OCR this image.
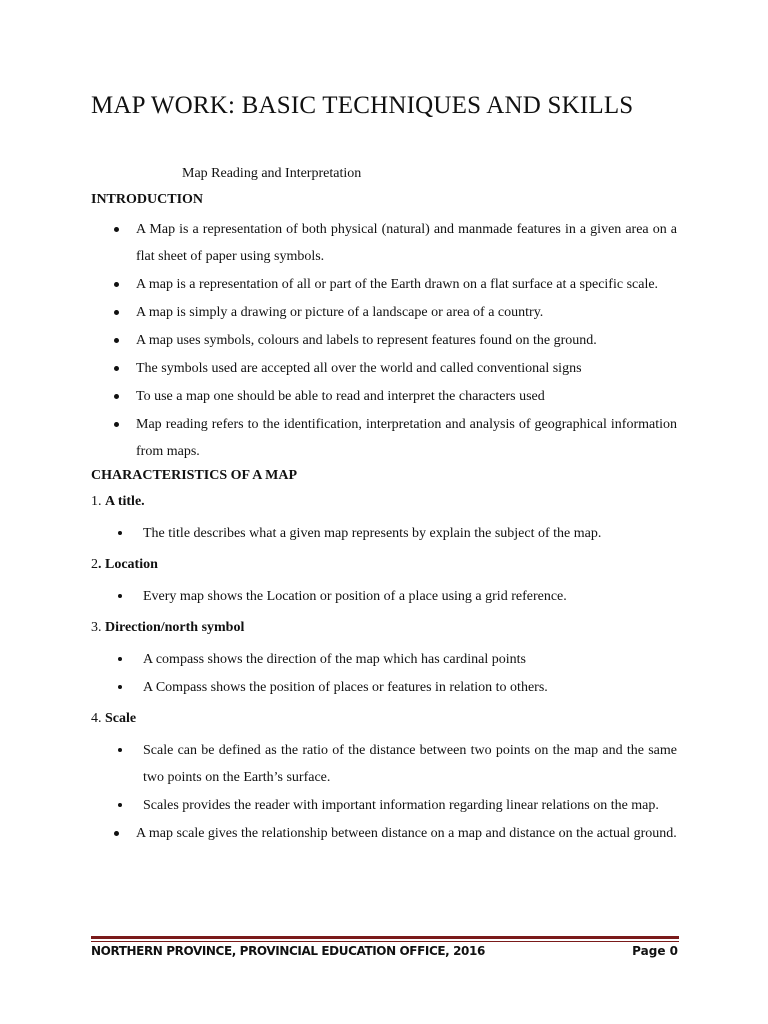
MAP WORK: BASIC TECHNIQUES AND SKILLS
Map Reading and Interpretation

INTRODUCTION

A Map is a representation of both physical (natural) and manmade features in a given area on a flat sheet of paper using symbols.
A map is a representation of all or part of the Earth drawn on a flat surface at a specific scale.
A map is simply a drawing or picture of a landscape or area of a country.
A map uses symbols, colours and labels to represent features found on the ground.
The symbols used are accepted all over the world and called conventional signs
To use a map one should be able to read and interpret the characters used
Map reading refers to the identification, interpretation and analysis of geographical information from maps.

CHARACTERISTICS OF A MAP

1. A title.

The title describes what a given map represents by explain the subject of the map.

2. Location

Every map shows the Location or position of a place using a grid reference.

3. Direction/north symbol

A compass shows the direction of the map which has cardinal points
A Compass shows the position of places or features in relation to others.

4. Scale

Scale can be defined as the ratio of the distance between two points on the map and the same two points on the Earth’s surface.
Scales provides the reader with important information regarding linear relations on the map.
A map scale gives the relationship between distance on a map and distance on the actual ground.
NORTHERN PROVINCE, PROVINCIAL EDUCATION OFFICE, 2016	Page 0
